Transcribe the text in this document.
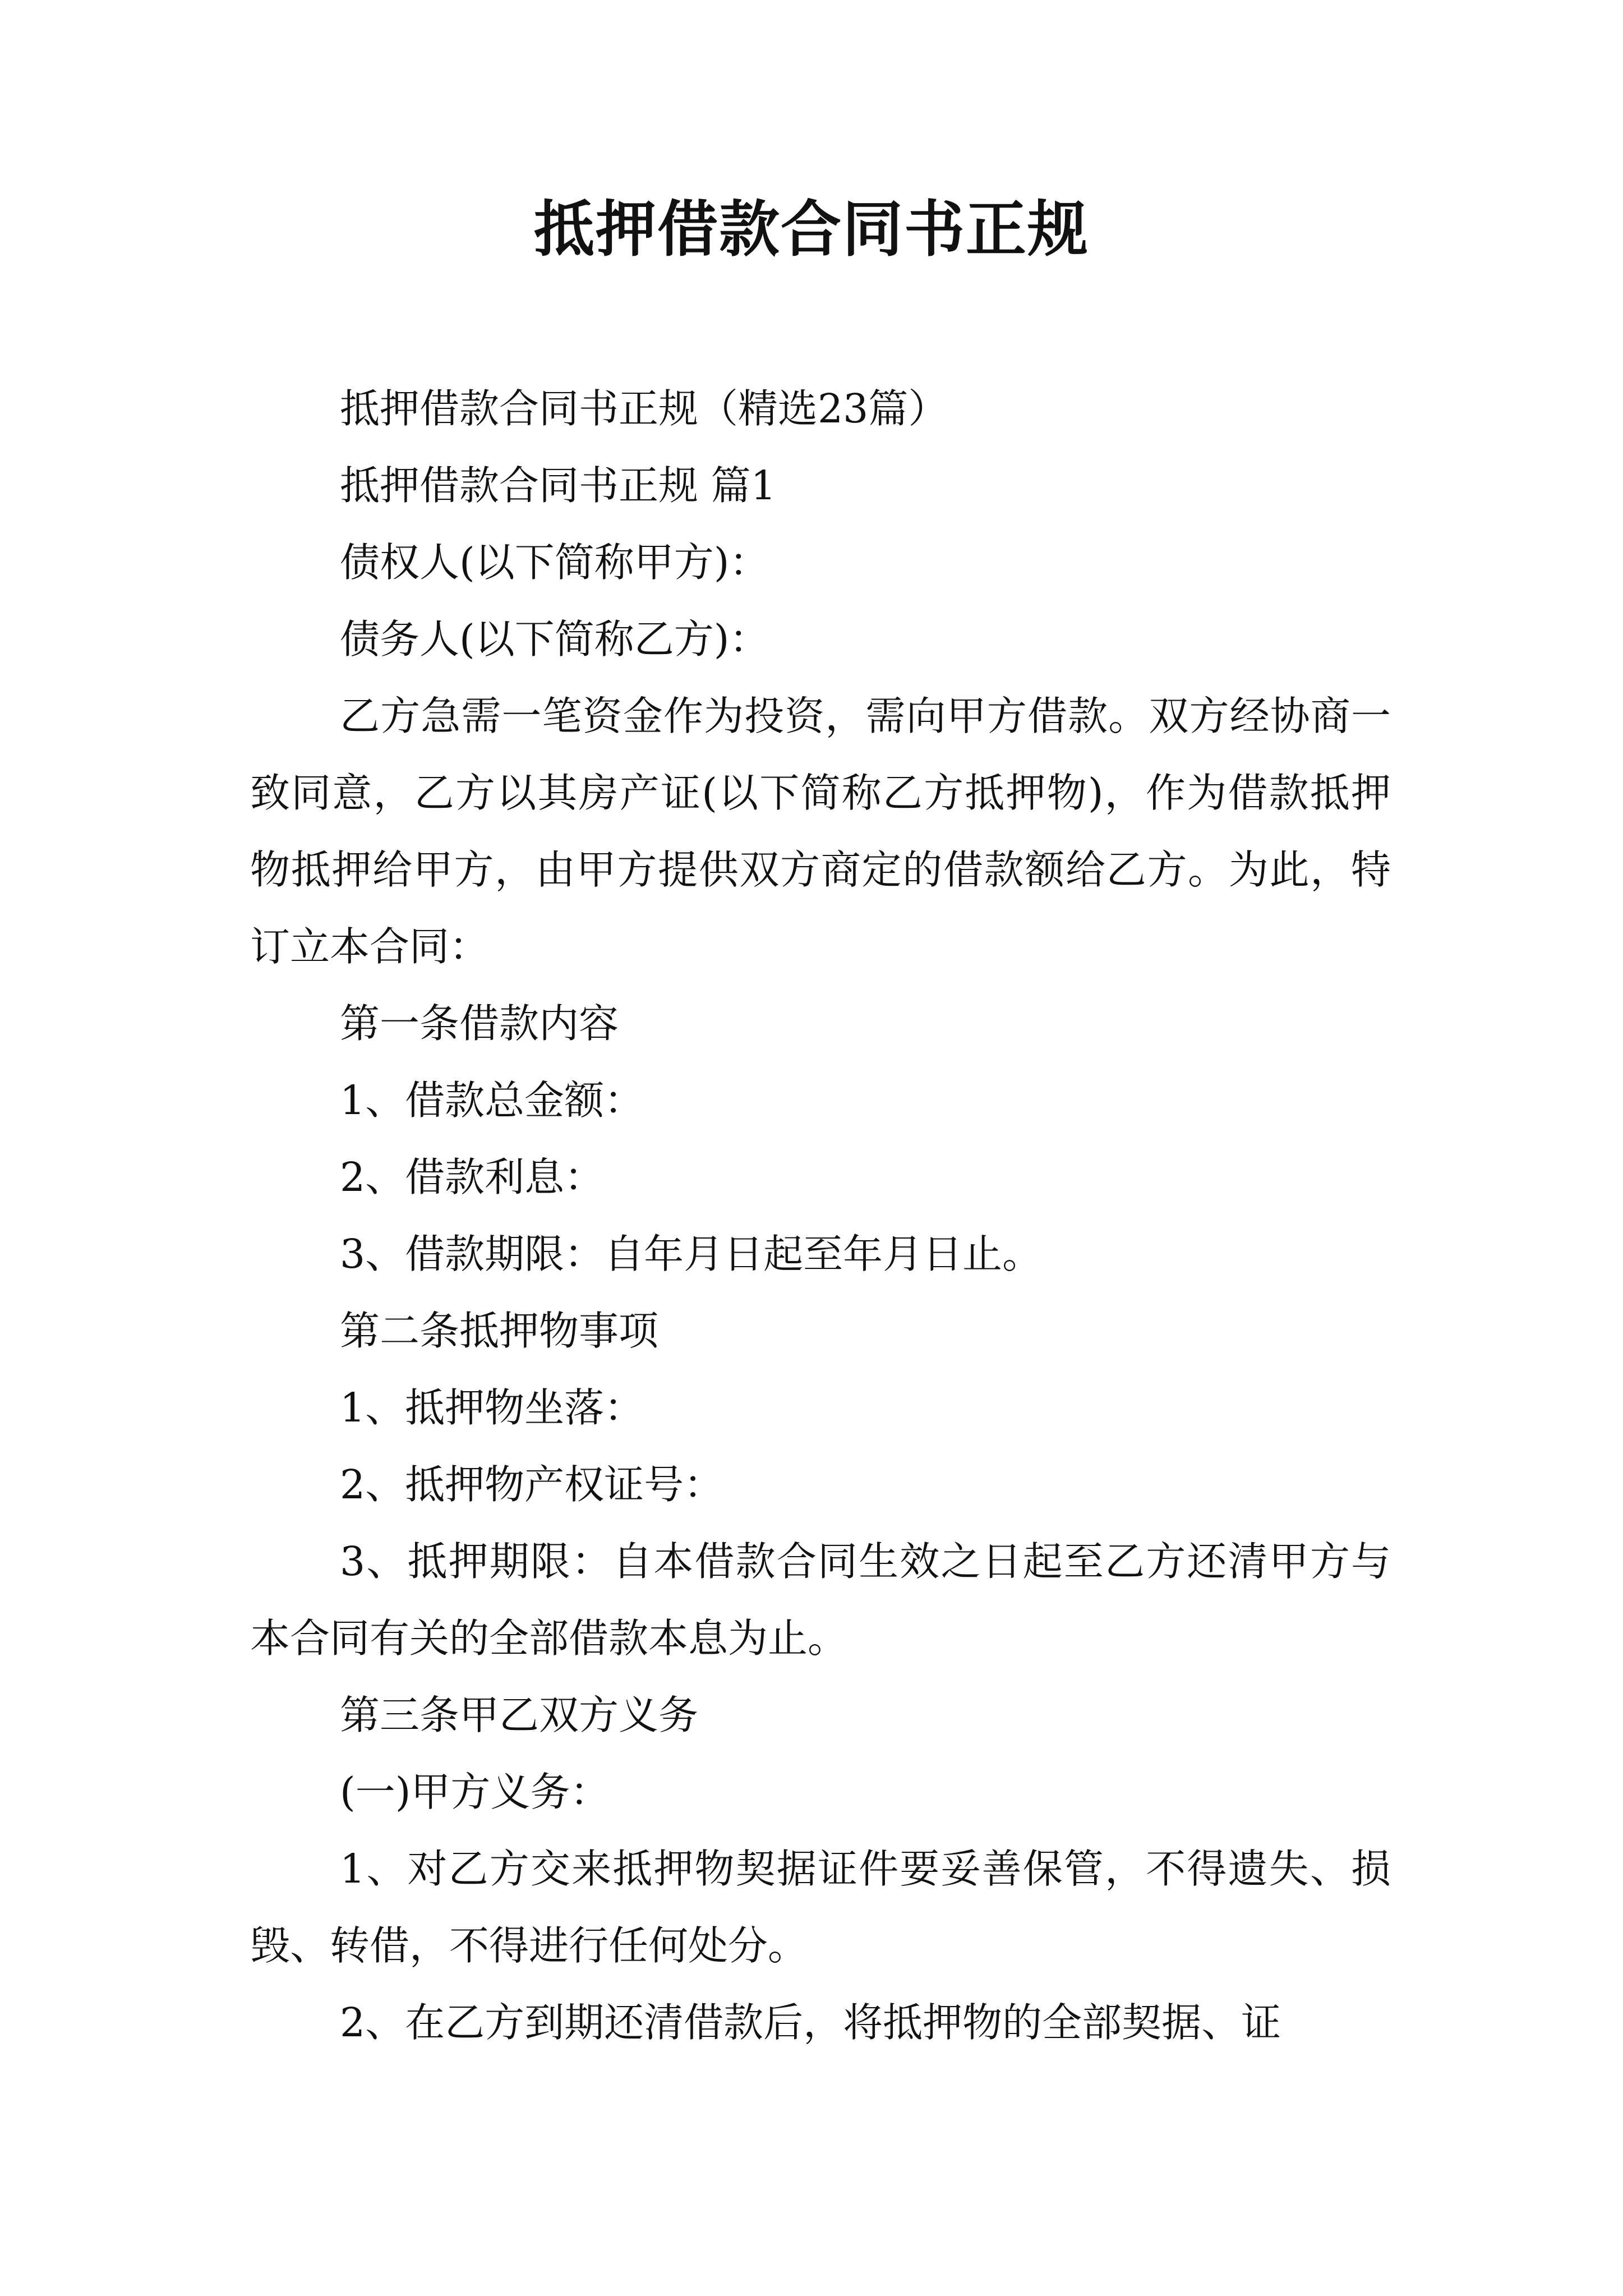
抵押借款合同书正规

抵押借款合同书正规（精选23篇）

抵押借款合同书正规 篇1

债权人(以下简称甲方)：

债务人(以下简称乙方)：

乙方急需一笔资金作为投资，需向甲方借款。双方经协商一致同意，乙方以其房产证(以下简称乙方抵押物)，作为借款抵押物抵押给甲方，由甲方提供双方商定的借款额给乙方。为此，特订立本合同：

第一条借款内容

1、借款总金额：

2、借款利息：

3、借款期限：自年月日起至年月日止。

第二条抵押物事项

1、抵押物坐落：

2、抵押物产权证号：

3、抵押期限：自本借款合同生效之日起至乙方还清甲方与本合同有关的全部借款本息为止。

第三条甲乙双方义务

(一)甲方义务：

1、对乙方交来抵押物契据证件要妥善保管，不得遗失、损毁、转借，不得进行任何处分。

2、在乙方到期还清借款后，将抵押物的全部契据、证
